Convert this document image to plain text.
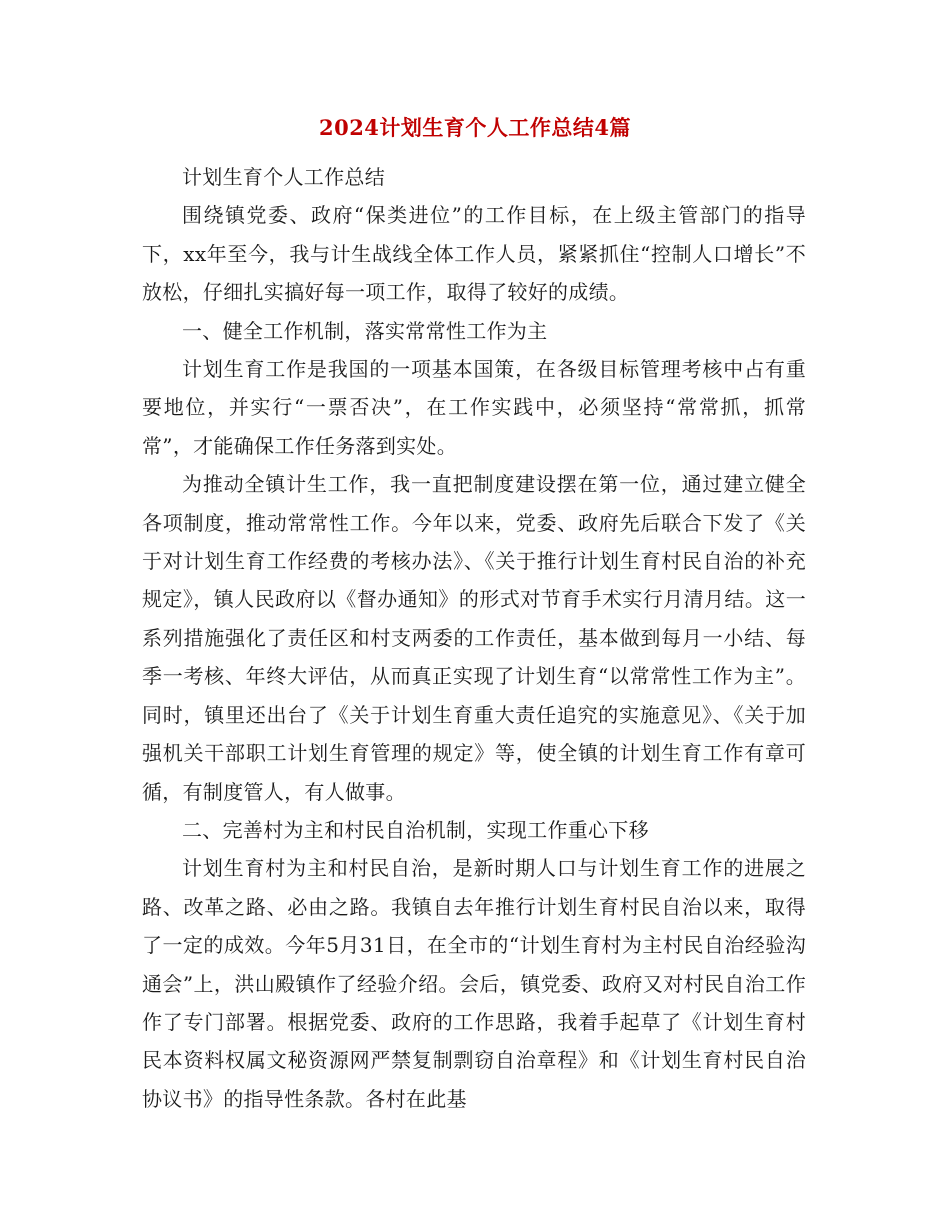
2024计划生育个人工作总结4篇

计划生育个人工作总结

围绕镇党委、政府“保类进位”的工作目标，在上级主管部门的指导下，xx年至今，我与计生战线全体工作人员，紧紧抓住“控制人口增长”不放松，仔细扎实搞好每一项工作，取得了较好的成绩。

一、健全工作机制，落实常常性工作为主

计划生育工作是我国的一项基本国策，在各级目标管理考核中占有重要地位，并实行“一票否决”，在工作实践中，必须坚持“常常抓，抓常常”，才能确保工作任务落到实处。

为推动全镇计生工作，我一直把制度建设摆在第一位，通过建立健全各项制度，推动常常性工作。今年以来，党委、政府先后联合下发了《关于对计划生育工作经费的考核办法》、《关于推行计划生育村民自治的补充规定》，镇人民政府以《督办通知》的形式对节育手术实行月清月结。这一系列措施强化了责任区和村支两委的工作责任，基本做到每月一小结、每季一考核、年终大评估，从而真正实现了计划生育“以常常性工作为主”。同时，镇里还出台了《关于计划生育重大责任追究的实施意见》、《关于加强机关干部职工计划生育管理的规定》等，使全镇的计划生育工作有章可循，有制度管人，有人做事。

二、完善村为主和村民自治机制，实现工作重心下移

计划生育村为主和村民自治，是新时期人口与计划生育工作的进展之路、改革之路、必由之路。我镇自去年推行计划生育村民自治以来，取得了一定的成效。今年5月31日，在全市的“计划生育村为主村民自治经验沟通会”上，洪山殿镇作了经验介绍。会后，镇党委、政府又对村民自治工作作了专门部署。根据党委、政府的工作思路，我着手起草了《计划生育村民本资料权属文秘资源网严禁复制剽窃自治章程》和《计划生育村民自治协议书》的指导性条款。各村在此基
